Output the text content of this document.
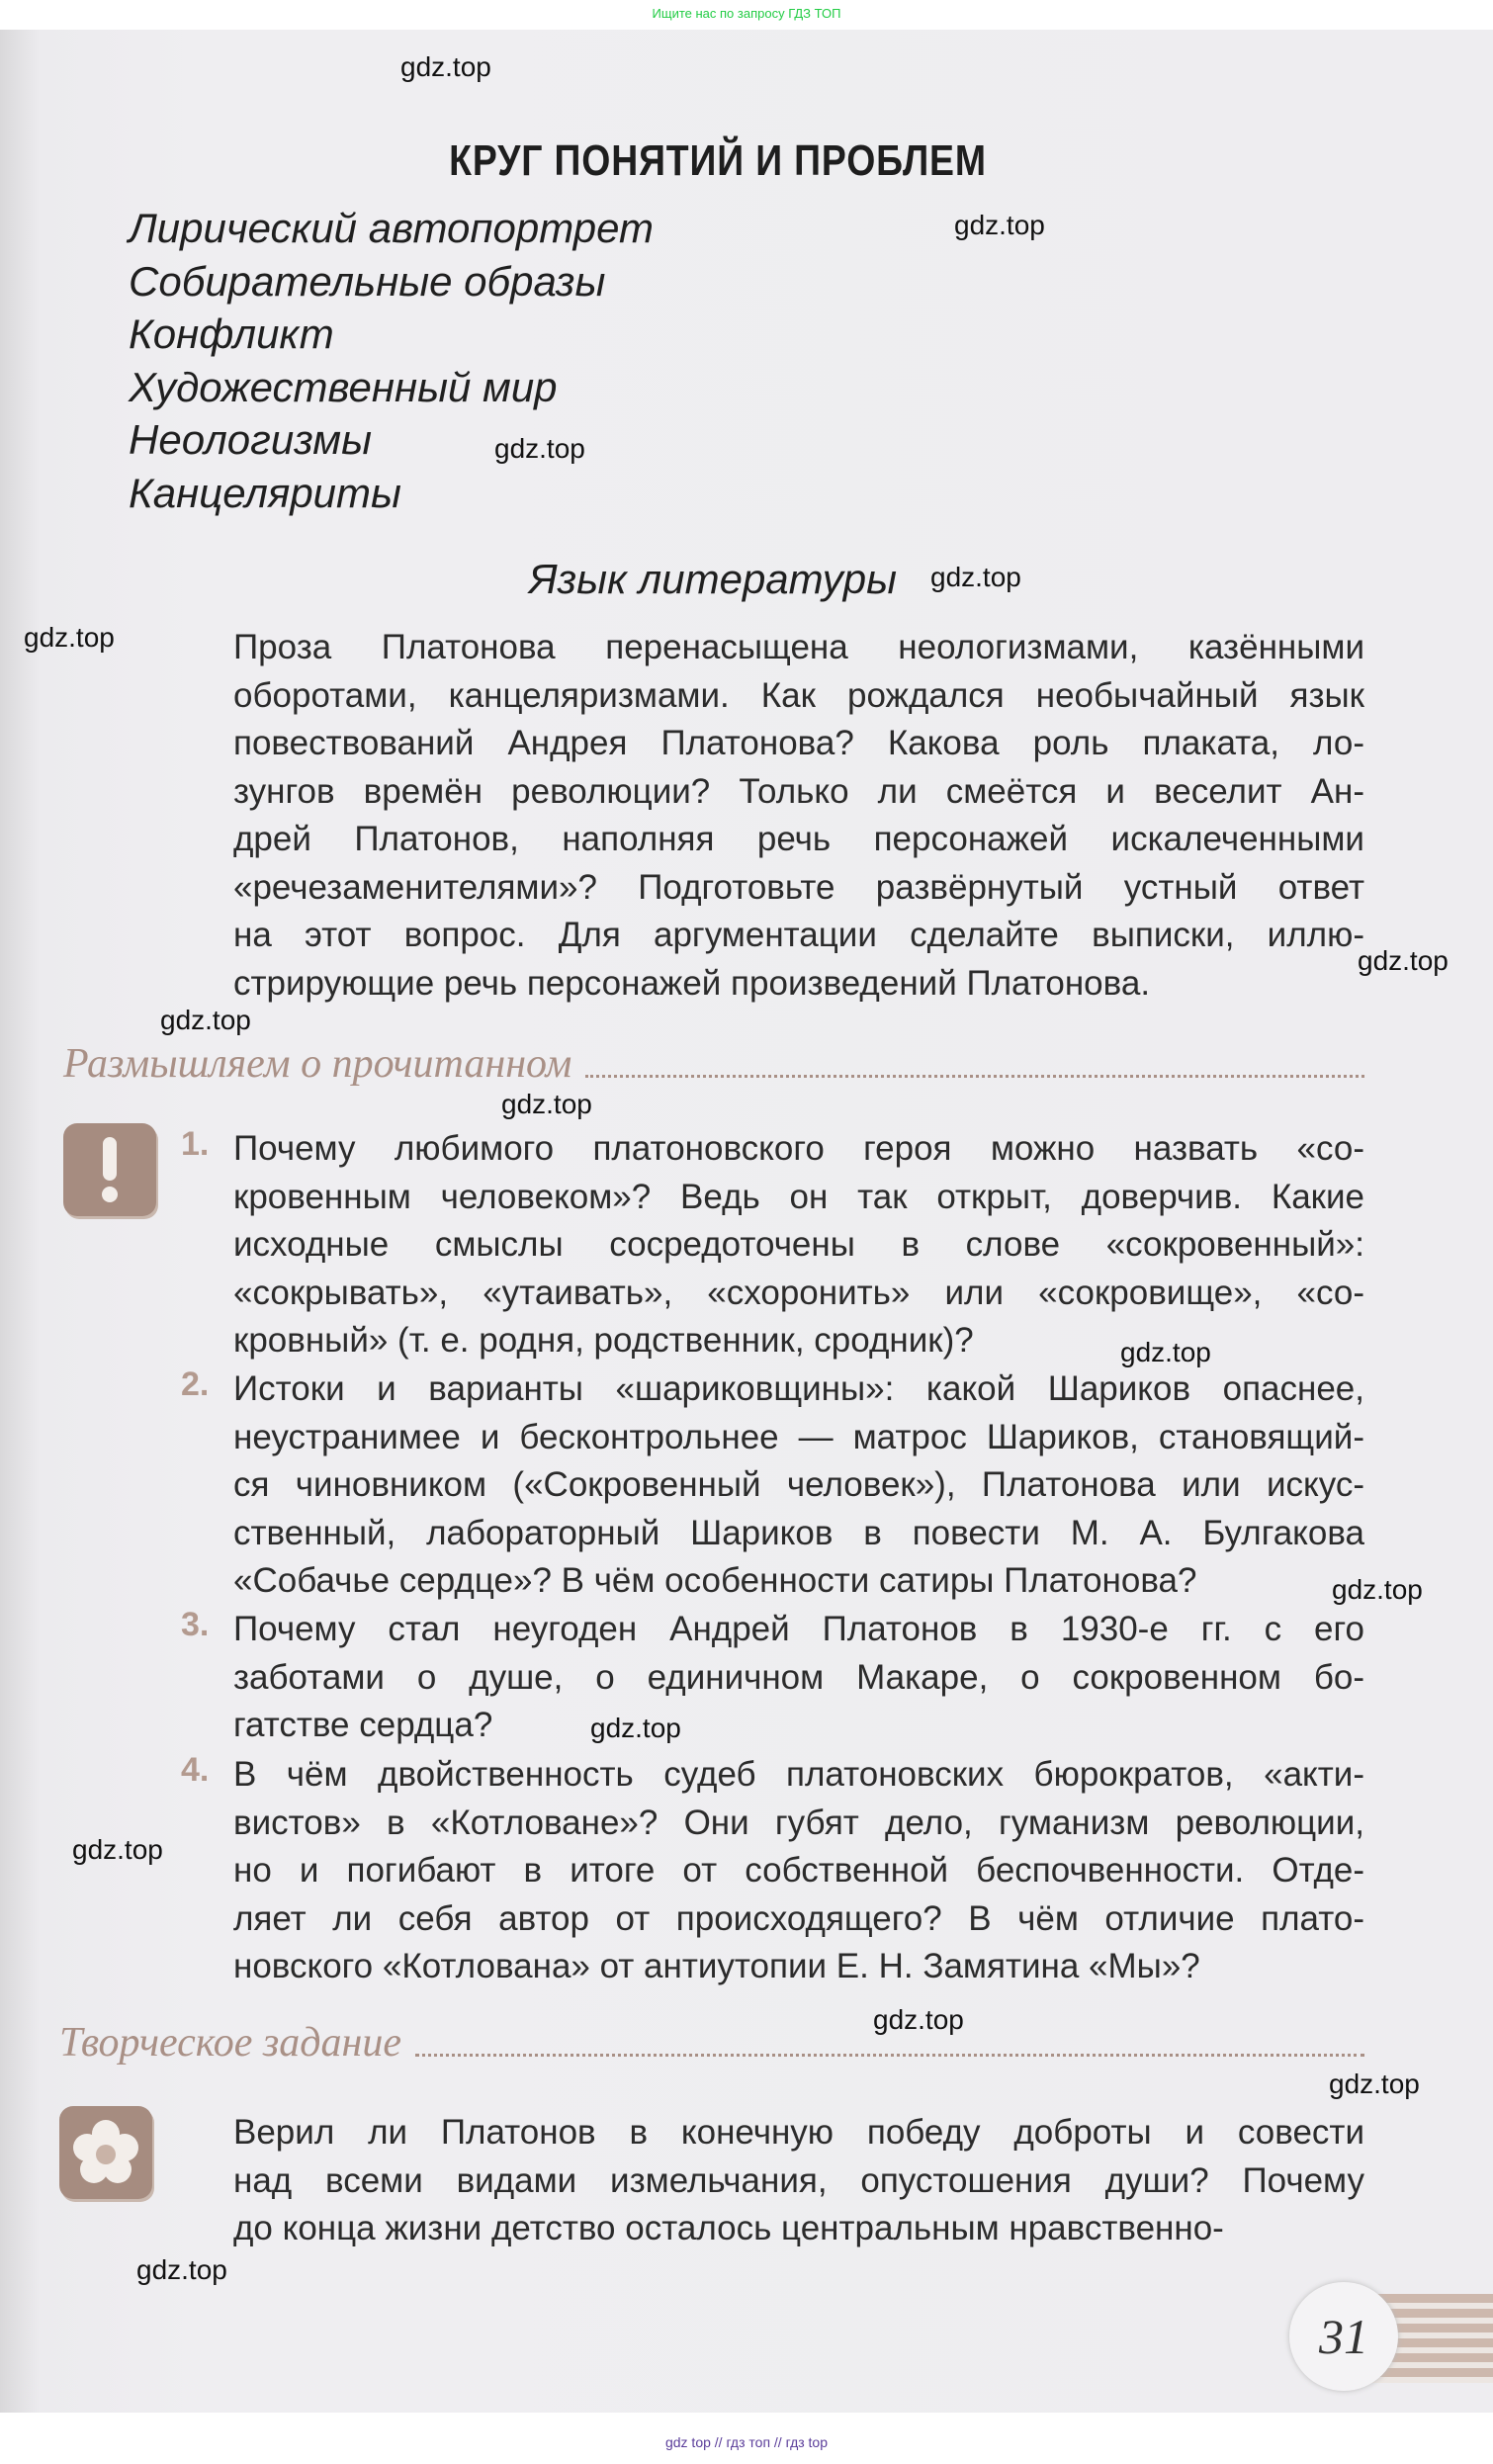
Ищите нас по запросу ГДЗ ТОП
КРУГ ПОНЯТИЙ И ПРОБЛЕМ
Лирический автопортрет
Собирательные образы
Конфликт
Художественный мир
Неологизмы
Канцеляриты
Язык литературы
Проза Платонова перенасыщена неологизмами, казёнными
оборотами, канцеляризмами. Как рождался необычайный язык
повествований Андрея Платонова? Какова роль плаката, ло-
зунгов времён революции? Только ли смеётся и веселит Ан-
дрей Платонов, наполняя речь персонажей искалеченными
«речезаменителями»? Подготовьте развёрнутый устный ответ
на этот вопрос. Для аргументации сделайте выписки, иллю-
стрирующие речь персонажей произведений Платонова.
Размышляем о прочитанном
1. Почему любимого платоновского героя можно назвать «со-
кровенным человеком»? Ведь он так открыт, доверчив. Какие
исходные смыслы сосредоточены в слове «сокровенный»:
«сокрывать», «утаивать», «схоронить» или «сокровище», «со-
кровный» (т. е. родня, родственник, сродник)?
2. Истоки и варианты «шариковщины»: какой Шариков опаснее,
неустранимее и бесконтрольнее — матрос Шариков, становящий-
ся чиновником («Сокровенный человек»), Платонова или искус-
ственный, лабораторный Шариков в повести М. А. Булгакова
«Собачье сердце»? В чём особенности сатиры Платонова?
3. Почему стал неугоден Андрей Платонов в 1930-е гг. с его
заботами о душе, о единичном Макаре, о сокровенном бо-
гатстве сердца?
4. В чём двойственность судеб платоновских бюрократов, «акти-
вистов» в «Котловане»? Они губят дело, гуманизм революции,
но и погибают в итоге от собственной беспочвенности. Отде-
ляет ли себя автор от происходящего? В чём отличие плато-
новского «Котлована» от антиутопии Е. Н. Замятина «Мы»?
Творческое задание
Верил ли Платонов в конечную победу доброты и совести
над всеми видами измельчания, опустошения души? Почему
до конца жизни детство осталось центральным нравственно-
31
gdz top // гдз топ // гдз top
gdz.top
gdz.top
gdz.top
gdz.top
gdz.top
gdz.top
gdz.top
gdz.top
gdz.top
gdz.top
gdz.top
gdz.top
gdz.top
gdz.top
gdz.top
